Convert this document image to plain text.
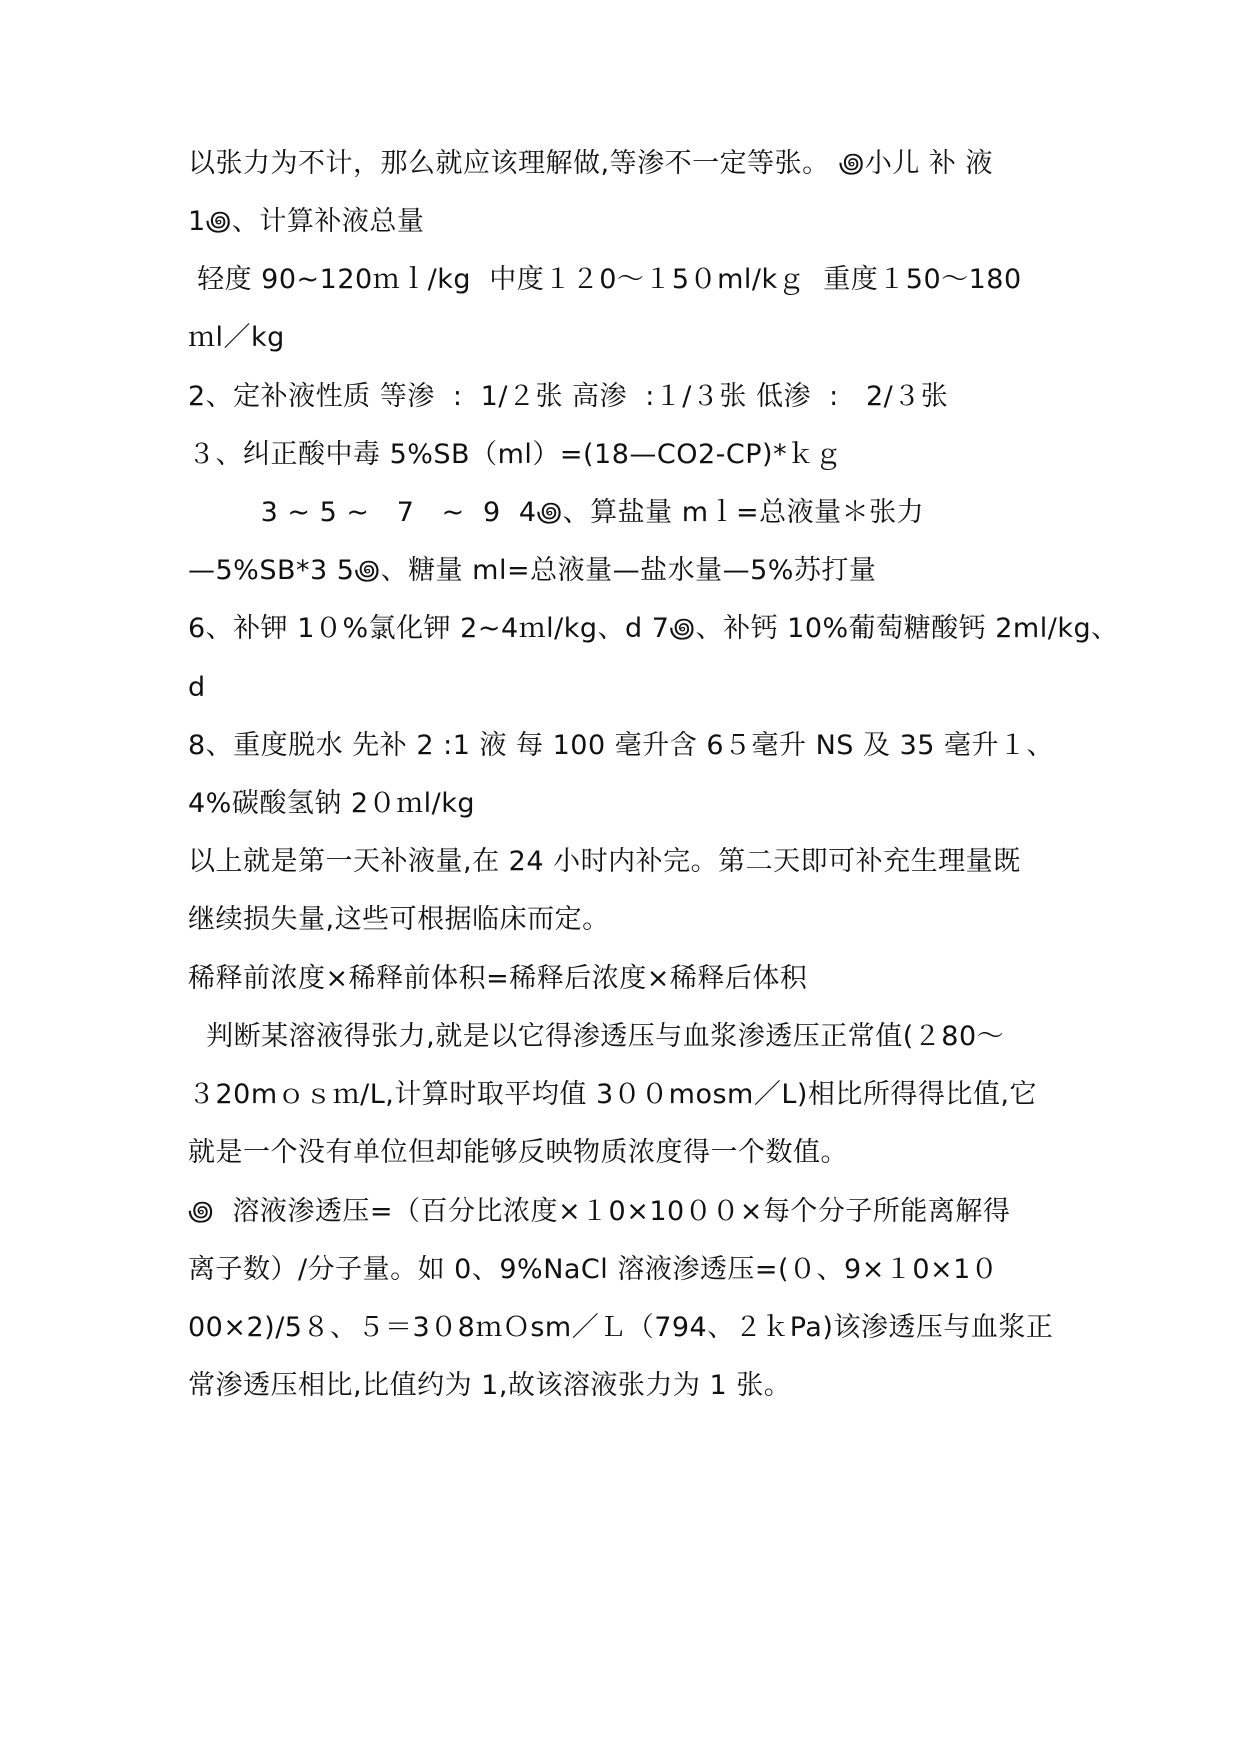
以张力为不计，那么就应该理解做,等渗不一定等张。 ꩜小儿 补 液
1꩜、计算补液总量
轻度 90~120ｍｌ/kg  中度１２0～１5０ml/kｇ  重度１50～180
ｍl／kg
2、定补液性质 等渗  :  1/２张 高渗  :１/３张 低渗  :   2/３张
３、纠正酸中毒 5%SB（ml）=(18—CO2-CP)*ｋｇ
3 ~ 5 ~   7   ~  9  4꩜、算盐量 mｌ=总液量＊张力
—5%SB*3 5꩜、糖量 ml=总液量—盐水量—5%苏打量
6、补钾 1０%氯化钾 2~4ｍl/kg、d 7꩜、补钙 10%葡萄糖酸钙 2ml/kg、
d
8、重度脱水 先补 2 :1 液 每 100 毫升含 6５毫升 NS 及 35 毫升１、
4%碳酸氢钠 2０ｍl/kg
以上就是第一天补液量,在 24 小时内补完。第二天即可补充生理量既
继续损失量,这些可根据临床而定。
稀释前浓度×稀释前体积=稀释后浓度×稀释后体积
判断某溶液得张力,就是以它得渗透压与血浆渗透压正常值(２80～
３20mｏｓｍ/L,计算时取平均值 3００mosm／L)相比所得得比值,它
就是一个没有单位但却能够反映物质浓度得一个数值。
꩜  溶液渗透压=（百分比浓度×１0×10００×每个分子所能离解得
离子数）/分子量。如 0、9%NaCl 溶液渗透压=(０、9×１0×1０
00×2)/5８、５＝3０8ｍＯsm／Ｌ（794、２ｋPa)该渗透压与血浆正
常渗透压相比,比值约为 1,故该溶液张力为 1 张。
